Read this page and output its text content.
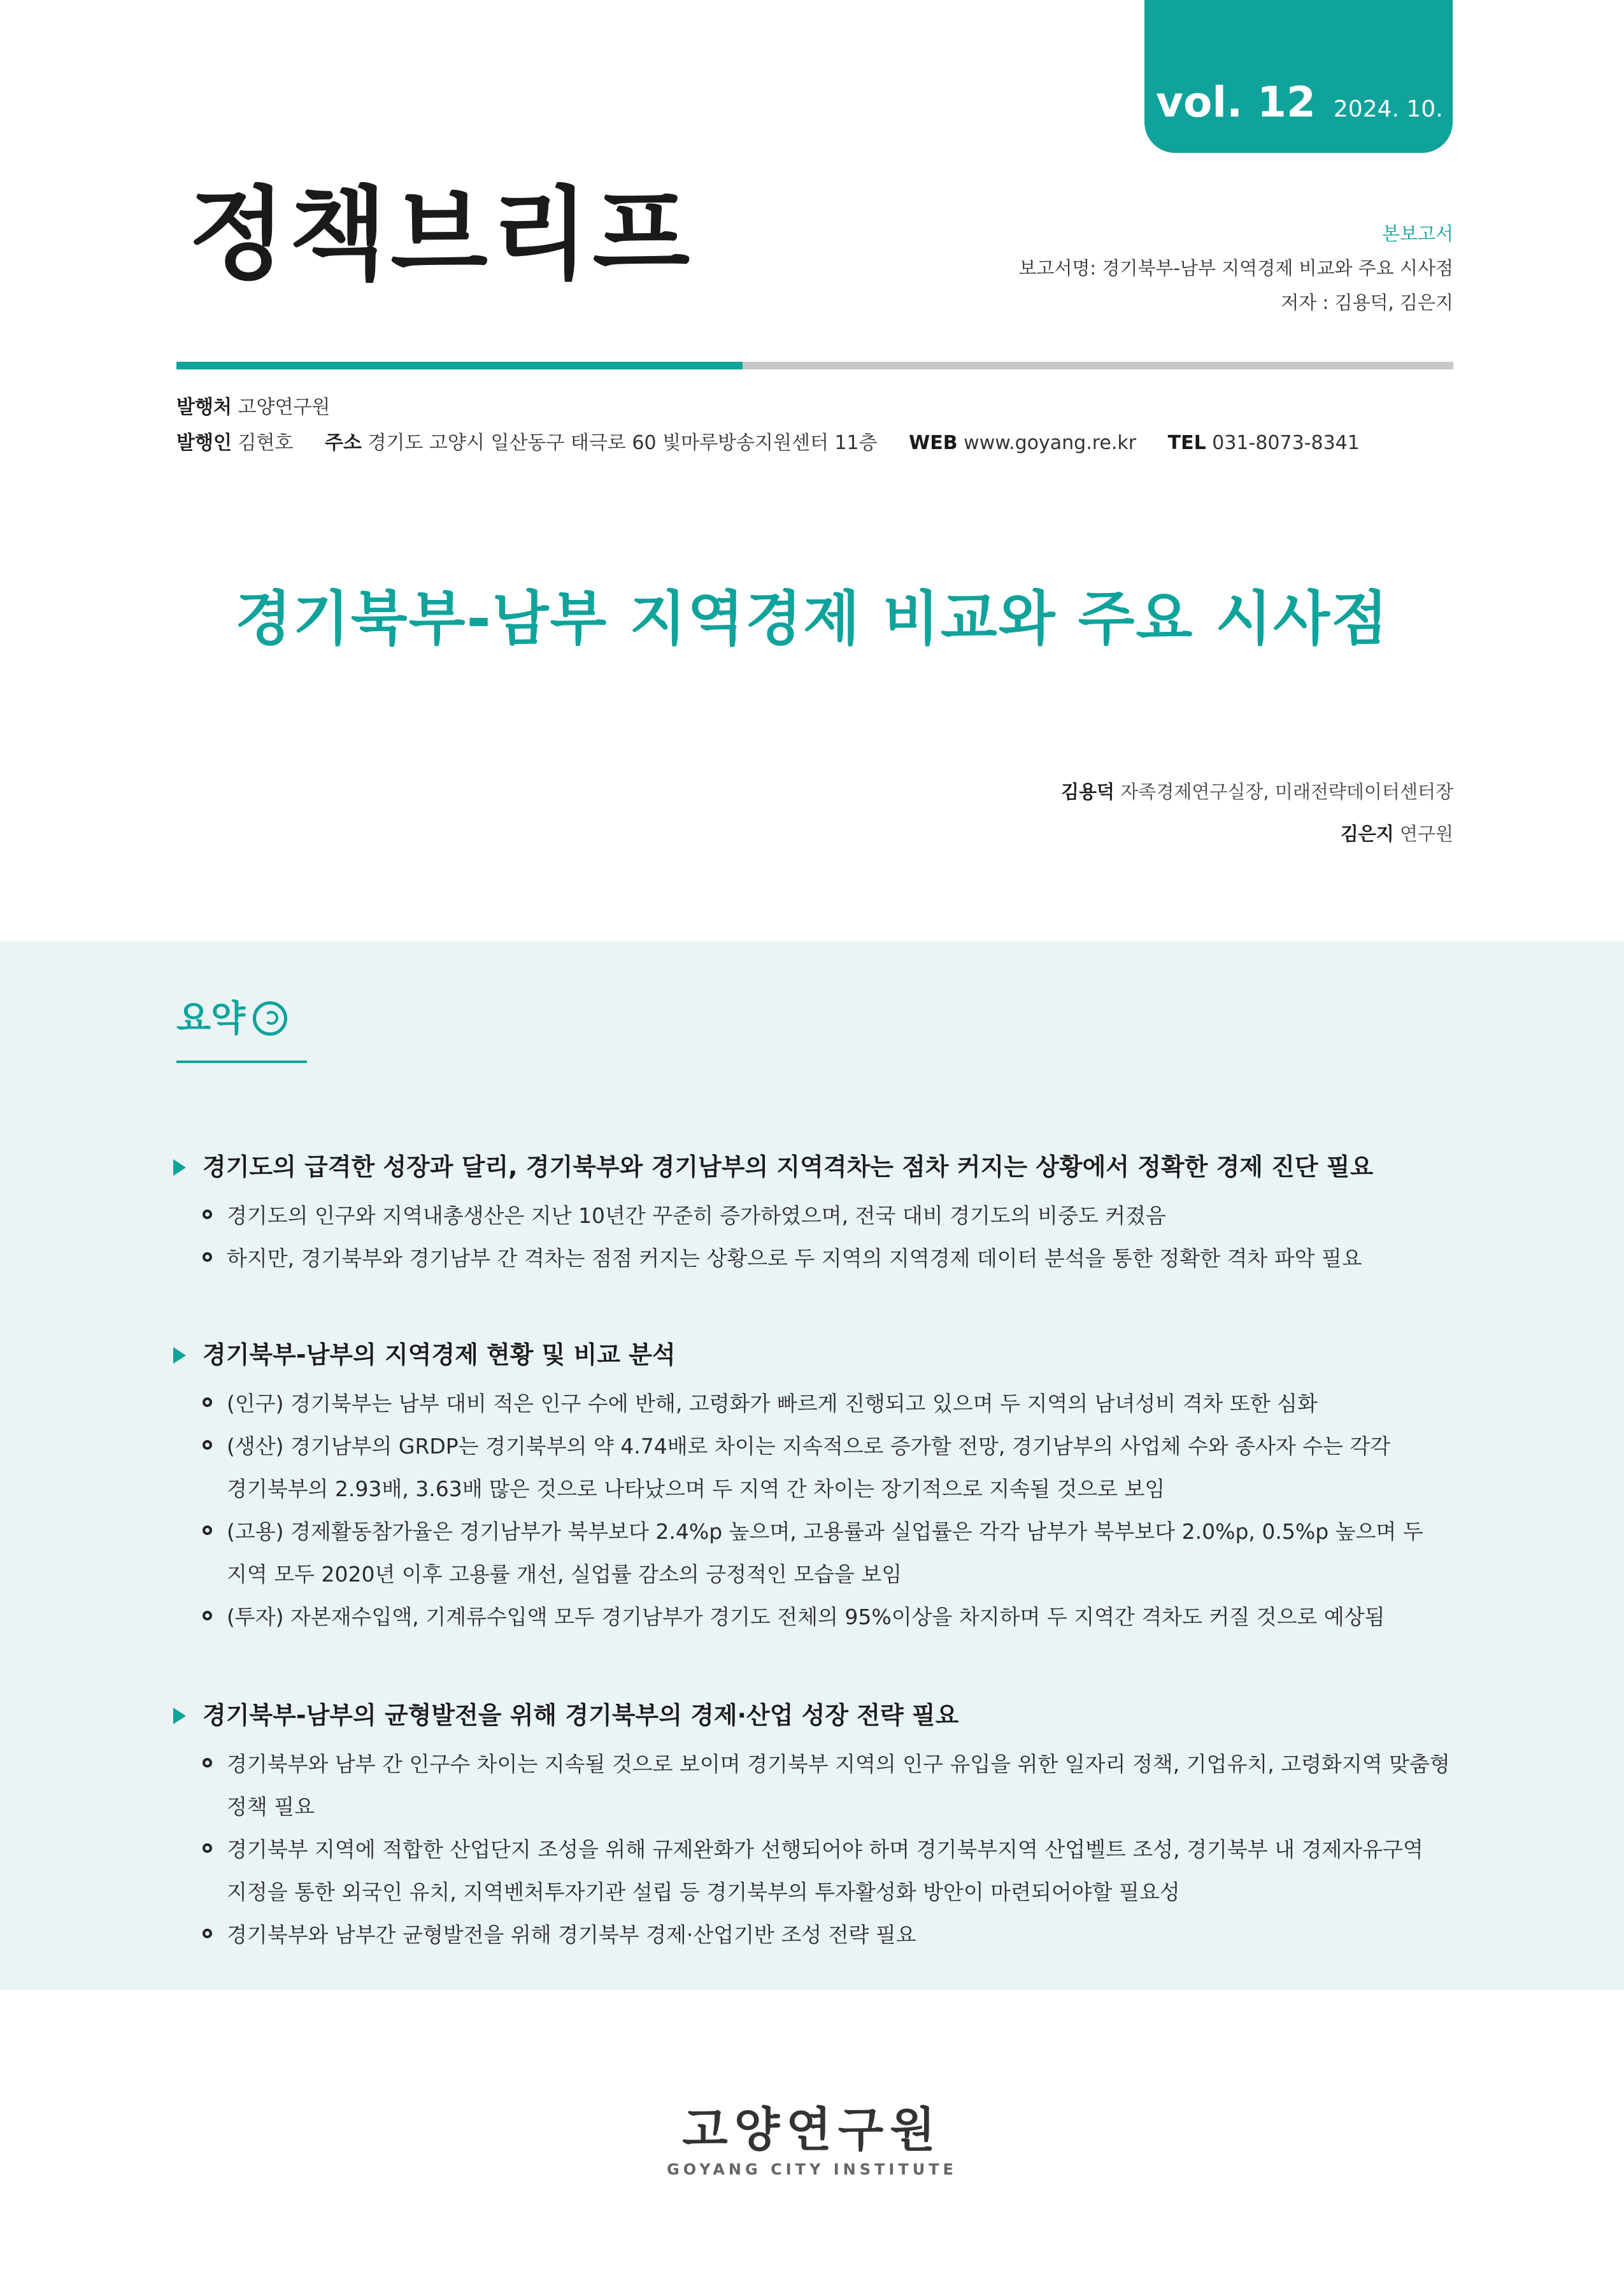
vol. 12 2024. 10. 15.
정책브리프	본보고서
보고서명: 경기북부-남부 지역경제 비교와 주요 시사점
저자 : 김용덕, 김은지
발행처 고양연구원
발행인 김현호 주소 경기도 고양시 일산동구 태극로 60 빛마루방송지원센터 11층 WEB www.goyang.re.kr TEL 031-8073-8341
경기북부-남부 지역경제 비교와 주요 시사점
김용덕 자족경제연구실장, 미래전략데이터센터장
김은지 연구원
요약
경기도의 급격한 성장과 달리, 경기북부와 경기남부의 지역격차는 점차 커지는 상황에서 정확한 경제 진단 필요
경기도의 인구와 지역내총생산은 지난 10년간 꾸준히 증가하였으며, 전국 대비 경기도의 비중도 커졌음
하지만, 경기북부와 경기남부 간 격차는 점점 커지는 상황으로 두 지역의 지역경제 데이터 분석을 통한 정확한 격차 파악 필요
경기북부-남부의 지역경제 현황 및 비교 분석
(인구) 경기북부는 남부 대비 적은 인구 수에 반해, 고령화가 빠르게 진행되고 있으며 두 지역의 남녀성비 격차 또한 심화
(생산) 경기남부의 GRDP는 경기북부의 약 4.74배로 차이는 지속적으로 증가할 전망, 경기남부의 사업체 수와 종사자 수는 각각 경기북부의 2.93배, 3.63배 많은 것으로 나타났으며 두 지역 간 차이는 장기적으로 지속될 것으로 보임
(고용) 경제활동참가율은 경기남부가 북부보다 2.4%p 높으며, 고용률과 실업률은 각각 남부가 북부보다 2.0%p, 0.5%p 높으며 두 지역 모두 2020년 이후 고용률 개선, 실업률 감소의 긍정적인 모습을 보임
(투자) 자본재수입액, 기계류수입액 모두 경기남부가 경기도 전체의 95%이상을 차지하며 두 지역간 격차도 커질 것으로 예상됨
경기북부-남부의 균형발전을 위해 경기북부의 경제·산업 성장 전략 필요
경기북부와 남부 간 인구수 차이는 지속될 것으로 보이며 경기북부 지역의 인구 유입을 위한 일자리 정책, 기업유치, 고령화지역 맞춤형 정책 필요
경기북부 지역에 적합한 산업단지 조성을 위해 규제완화가 선행되어야 하며 경기북부지역 산업벨트 조성, 경기북부 내 경제자유구역 지정을 통한 외국인 유치, 지역벤처투자기관 설립 등 경기북부의 투자활성화 방안이 마련되어야할 필요성
경기북부와 남부간 균형발전을 위해 경기북부 경제·산업기반 조성 전략 필요
고양연구원
GOYANG CITY INSTITUTE
